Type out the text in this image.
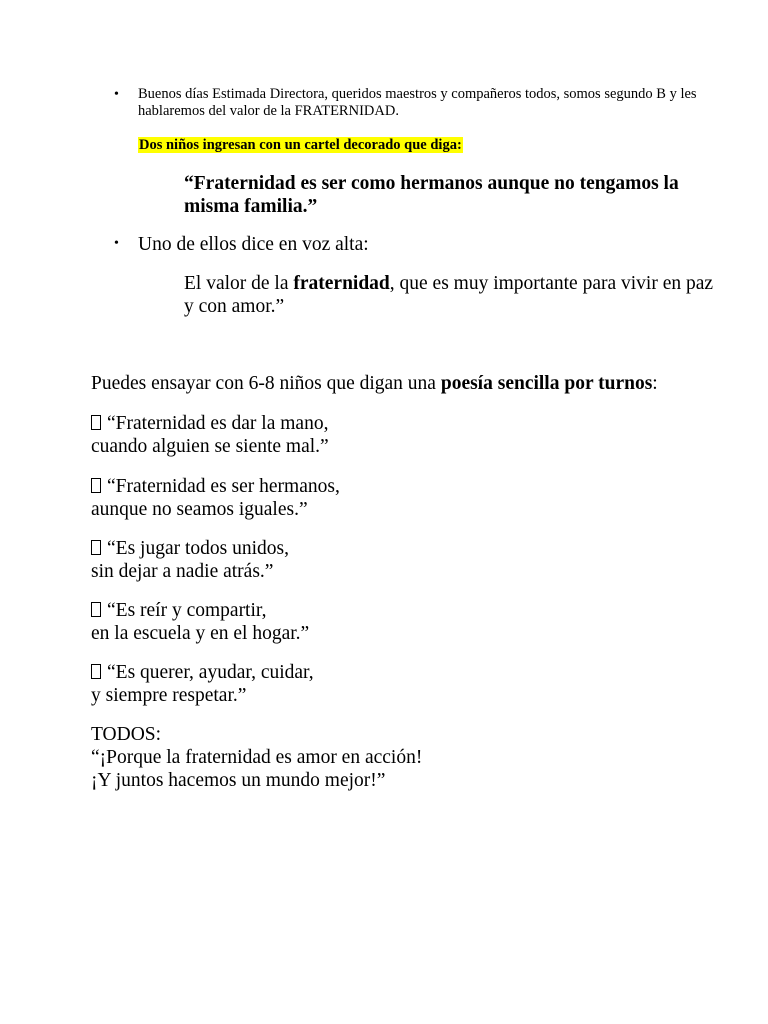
• Buenos días Estimada Directora, queridos maestros y compañeros todos, somos segundo B y les hablaremos del valor de la FRATERNIDAD.
Dos niños ingresan con un cartel decorado que diga:
“Fraternidad es ser como hermanos aunque no tengamos la misma familia.”
• Uno de ellos dice en voz alta:
El valor de la fraternidad, que es muy importante para vivir en paz y con amor.”
Puedes ensayar con 6-8 niños que digan una poesía sencilla por turnos:
“Fraternidad es dar la mano,
cuando alguien se siente mal.”
“Fraternidad es ser hermanos,
aunque no seamos iguales.”
“Es jugar todos unidos,
sin dejar a nadie atrás.”
“Es reír y compartir,
en la escuela y en el hogar.”
“Es querer, ayudar, cuidar,
y siempre respetar.”
TODOS:
“¡Porque la fraternidad es amor en acción!
¡Y juntos hacemos un mundo mejor!”
